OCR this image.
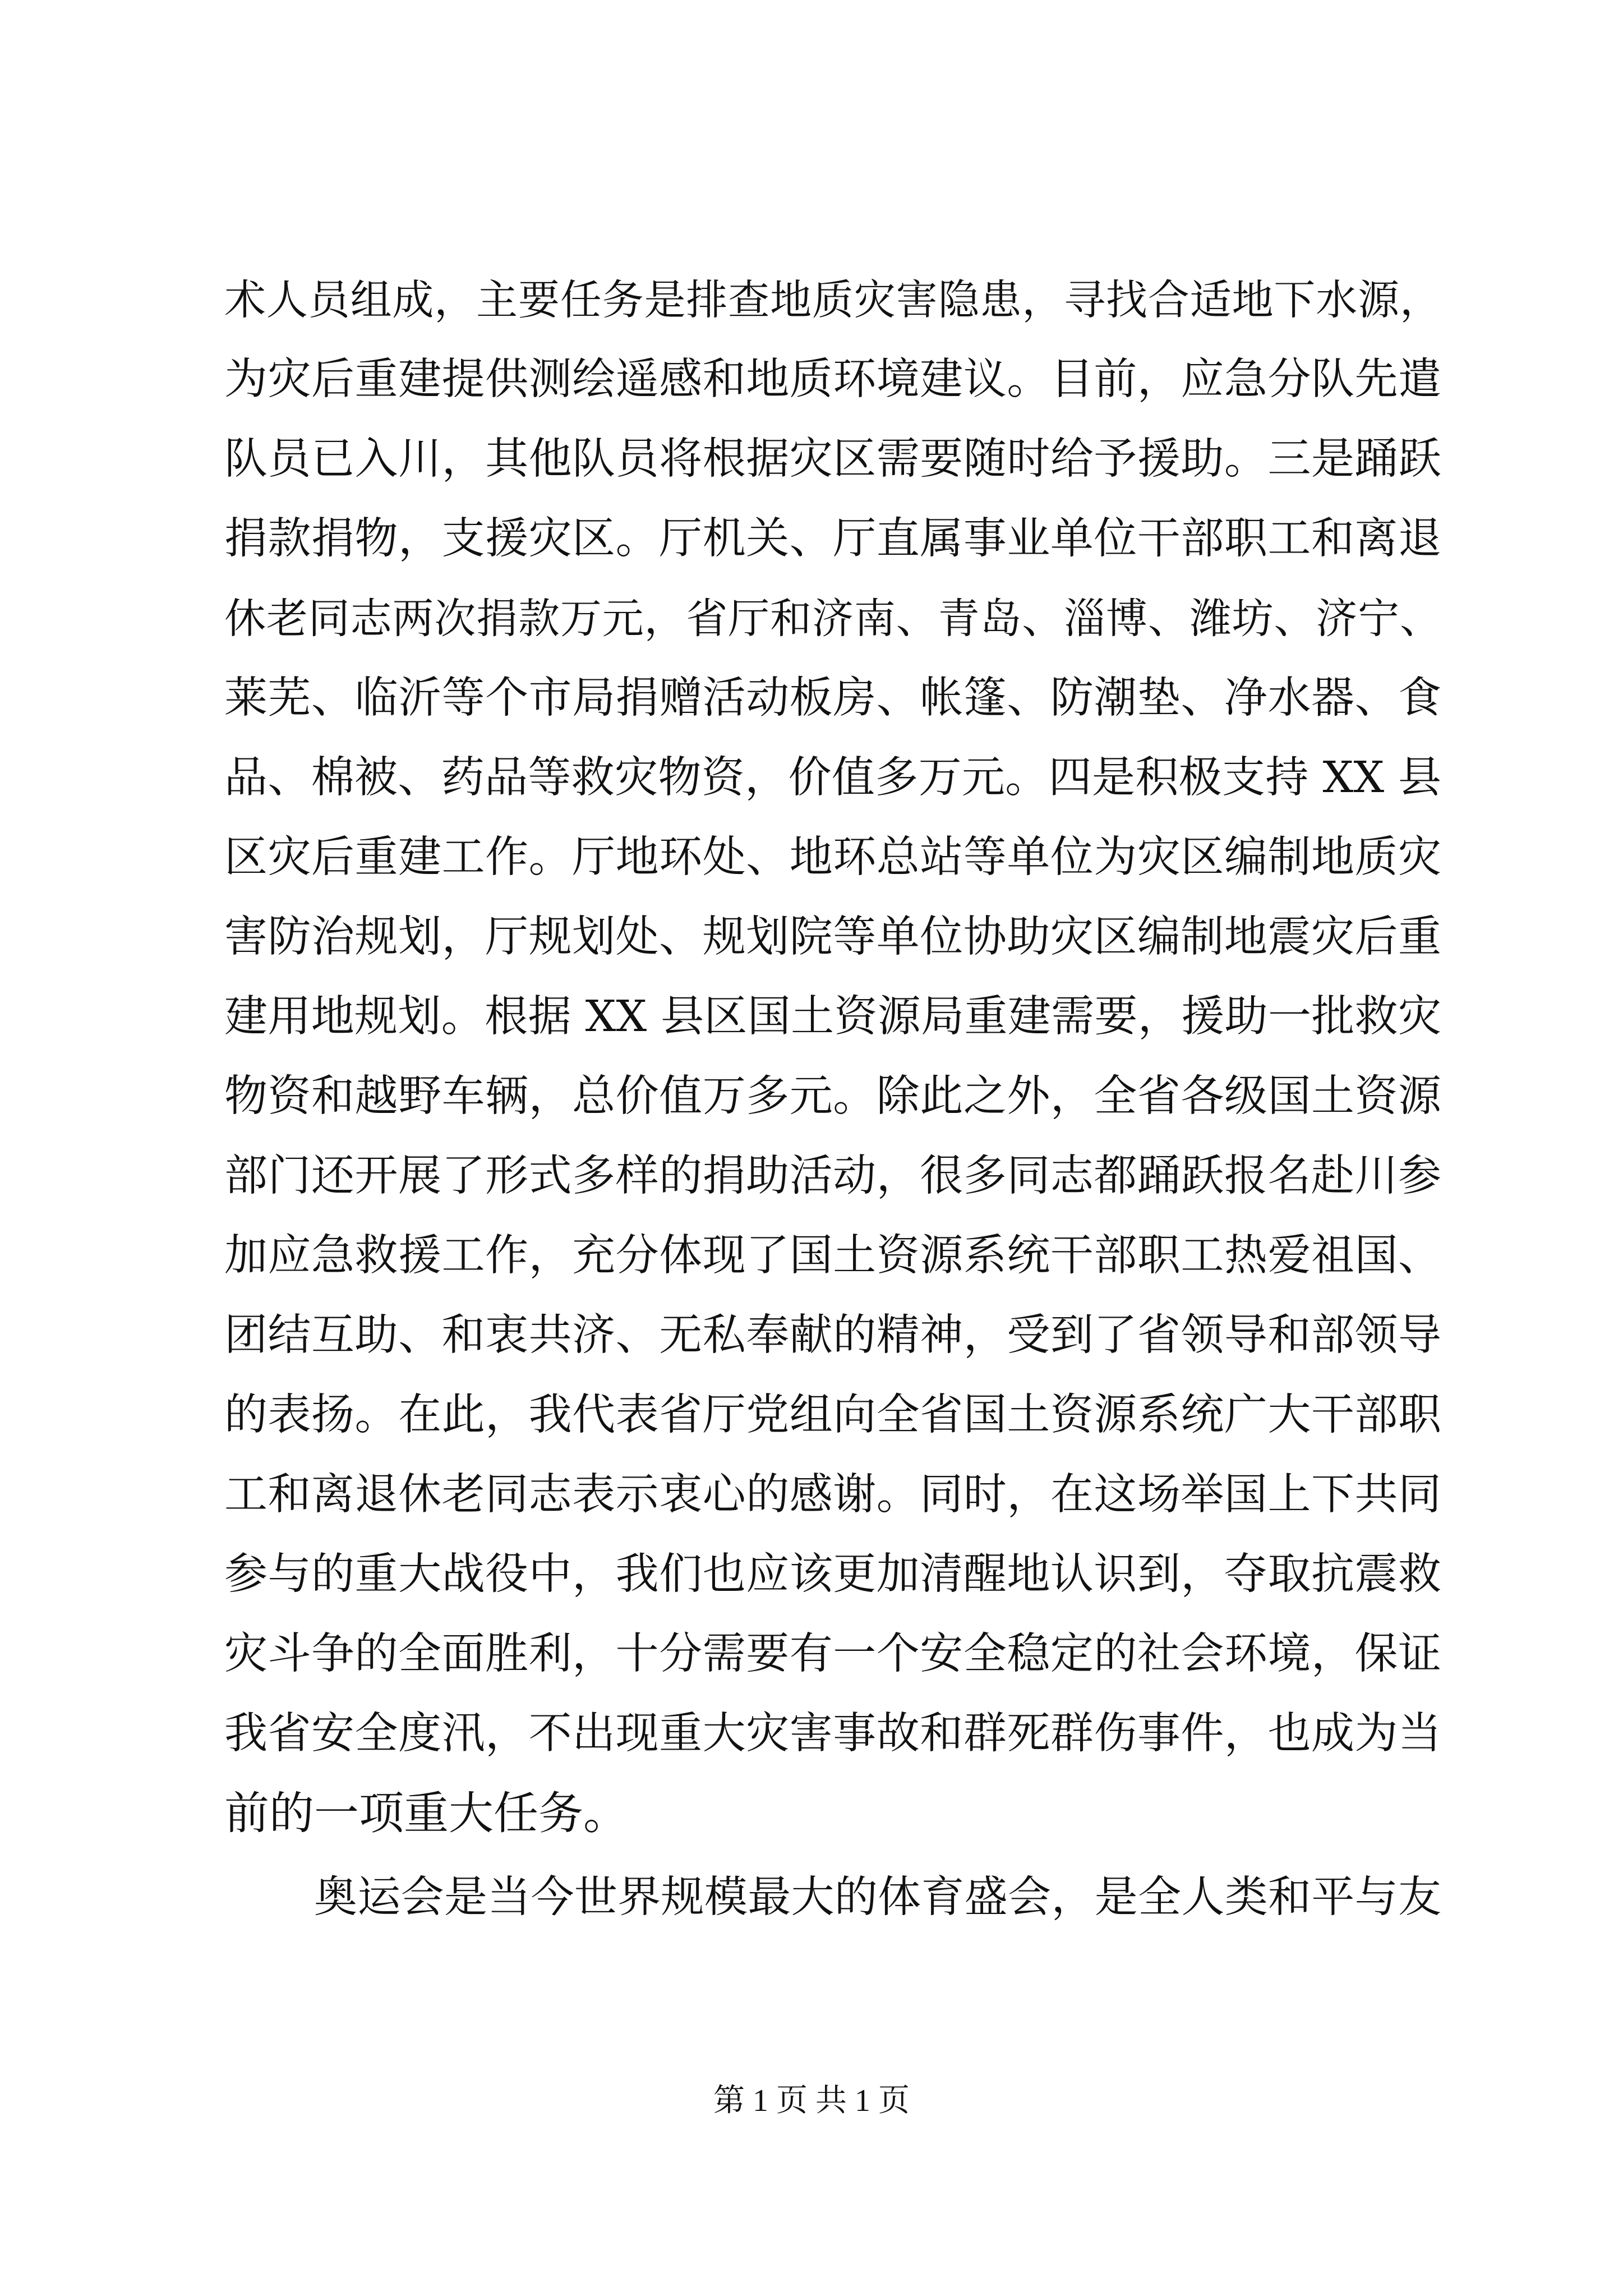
术人员组成，主要任务是排查地质灾害隐患，寻找合适地下水源，
为灾后重建提供测绘遥感和地质环境建议。目前，应急分队先遣
队员已入川，其他队员将根据灾区需要随时给予援助。三是踊跃
捐款捐物，支援灾区。厅机关、厅直属事业单位干部职工和离退
休老同志两次捐款万元，省厅和济南、青岛、淄博、潍坊、济宁、
莱芜、临沂等个市局捐赠活动板房、帐篷、防潮垫、净水器、食
品、棉被、药品等救灾物资，价值多万元。四是积极支持 XX 县
区灾后重建工作。厅地环处、地环总站等单位为灾区编制地质灾
害防治规划，厅规划处、规划院等单位协助灾区编制地震灾后重
建用地规划。根据 XX 县区国土资源局重建需要，援助一批救灾
物资和越野车辆，总价值万多元。除此之外，全省各级国土资源
部门还开展了形式多样的捐助活动，很多同志都踊跃报名赴川参
加应急救援工作，充分体现了国土资源系统干部职工热爱祖国、
团结互助、和衷共济、无私奉献的精神，受到了省领导和部领导
的表扬。在此，我代表省厅党组向全省国土资源系统广大干部职
工和离退休老同志表示衷心的感谢。同时，在这场举国上下共同
参与的重大战役中，我们也应该更加清醒地认识到，夺取抗震救
灾斗争的全面胜利，十分需要有一个安全稳定的社会环境，保证
我省安全度汛，不出现重大灾害事故和群死群伤事件，也成为当
前的一项重大任务。
奥运会是当今世界规模最大的体育盛会，是全人类和平与友
第 1 页 共 1 页
